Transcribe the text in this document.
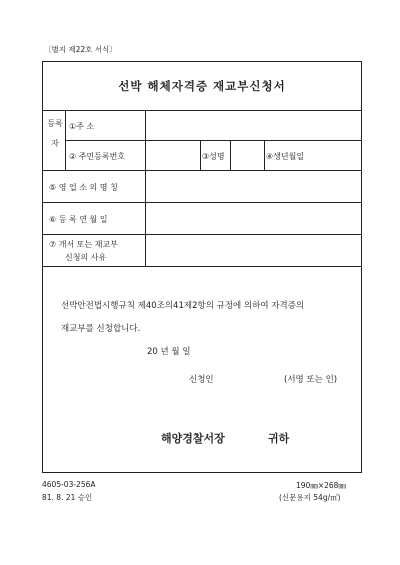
〔별지 제22호 서식〕
선박 해체자격증 재교부신청서
등록자
①주 소
② 주민등록번호	③성명	④생년월일
⑤ 영 업 소 의 명 칭
⑥ 등 록 연 월 일
⑦ 개서 또는 재교부
신청의 사유
선박안전법시행규칙 제40조의41제2항의 규정에 의하여 자격증의
재교부를 신청합니다.
20 년 월 일
신청인	(서명 또는 인)
해양경찰서장	귀하
4605-03-256A
81. 8. 21 승인
190㎜×268㎜
(신문용지 54g/㎡)
